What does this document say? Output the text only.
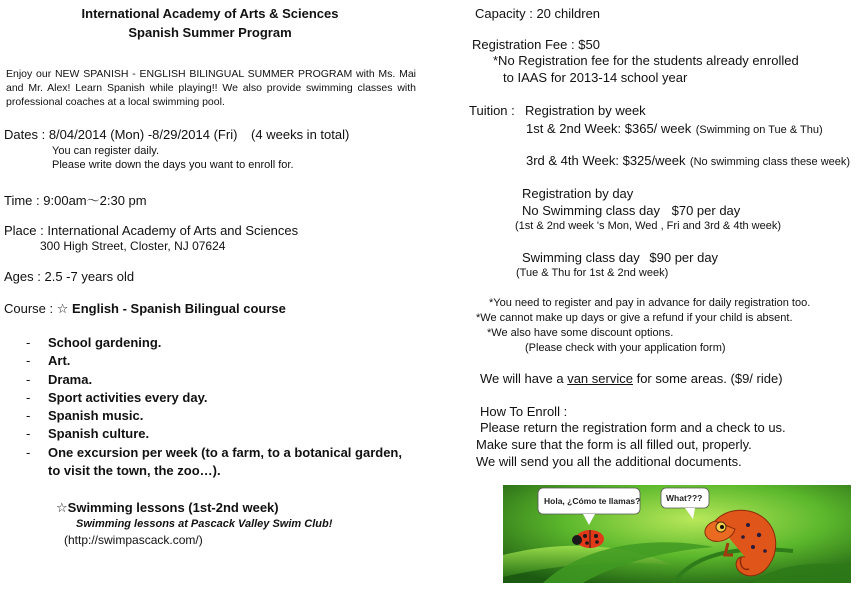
International Academy of Arts & Sciences
Spanish Summer Program

Enjoy our NEW SPANISH - ENGLISH BILINGUAL SUMMER PROGRAM with Ms. Mai and Mr. Alex! Learn Spanish while playing!! We also provide swimming classes with professional coaches at a local swimming pool.

Dates : 8/04/2014 (Mon) -8/29/2014 (Fri) (4 weeks in total)
You can register daily.
Please write down the days you want to enroll for.
Time : 9:00am～2:30 pm
Place : International Academy of Arts and Sciences
300 High Street, Closter, NJ 07624
Ages : 2.5 -7 years old
Course : ☆ English - Spanish Bilingual course
- School gardening.
- Art.
- Drama.
- Sport activities every day.
- Spanish music.
- Spanish culture.
- One excursion per week (to a farm, to a botanical garden, to visit the town, the zoo…).
☆Swimming lessons (1st-2nd week)
Swimming lessons at Pascack Valley Swim Club!
(http://swimpascack.com/)
Capacity : 20 children
Registration Fee : $50
*No Registration fee for the students already enrolled
to IAAS for 2013-14 school year
Tuition : Registration by week
1st & 2nd Week: $365/ week (Swimming on Tue & Thu)
3rd & 4th Week: $325/week (No swimming class these week)
Registration by day
No Swimming class day $70 per day
(1st & 2nd week 's Mon, Wed , Fri and 3rd & 4th week)
Swimming class day $90 per day
(Tue & Thu for 1st & 2nd week)
*You need to register and pay in advance for daily registration too.
*We cannot make up days or give a refund if your child is absent.
*We also have some discount options.
(Please check with your application form)
We will have a van service for some areas. ($9/ ride)
How To Enroll :
Please return the registration form and a check to us.
Make sure that the form is all filled out, properly.
We will send you all the additional documents.
Hola, ¿Cómo te llamas?	What???
